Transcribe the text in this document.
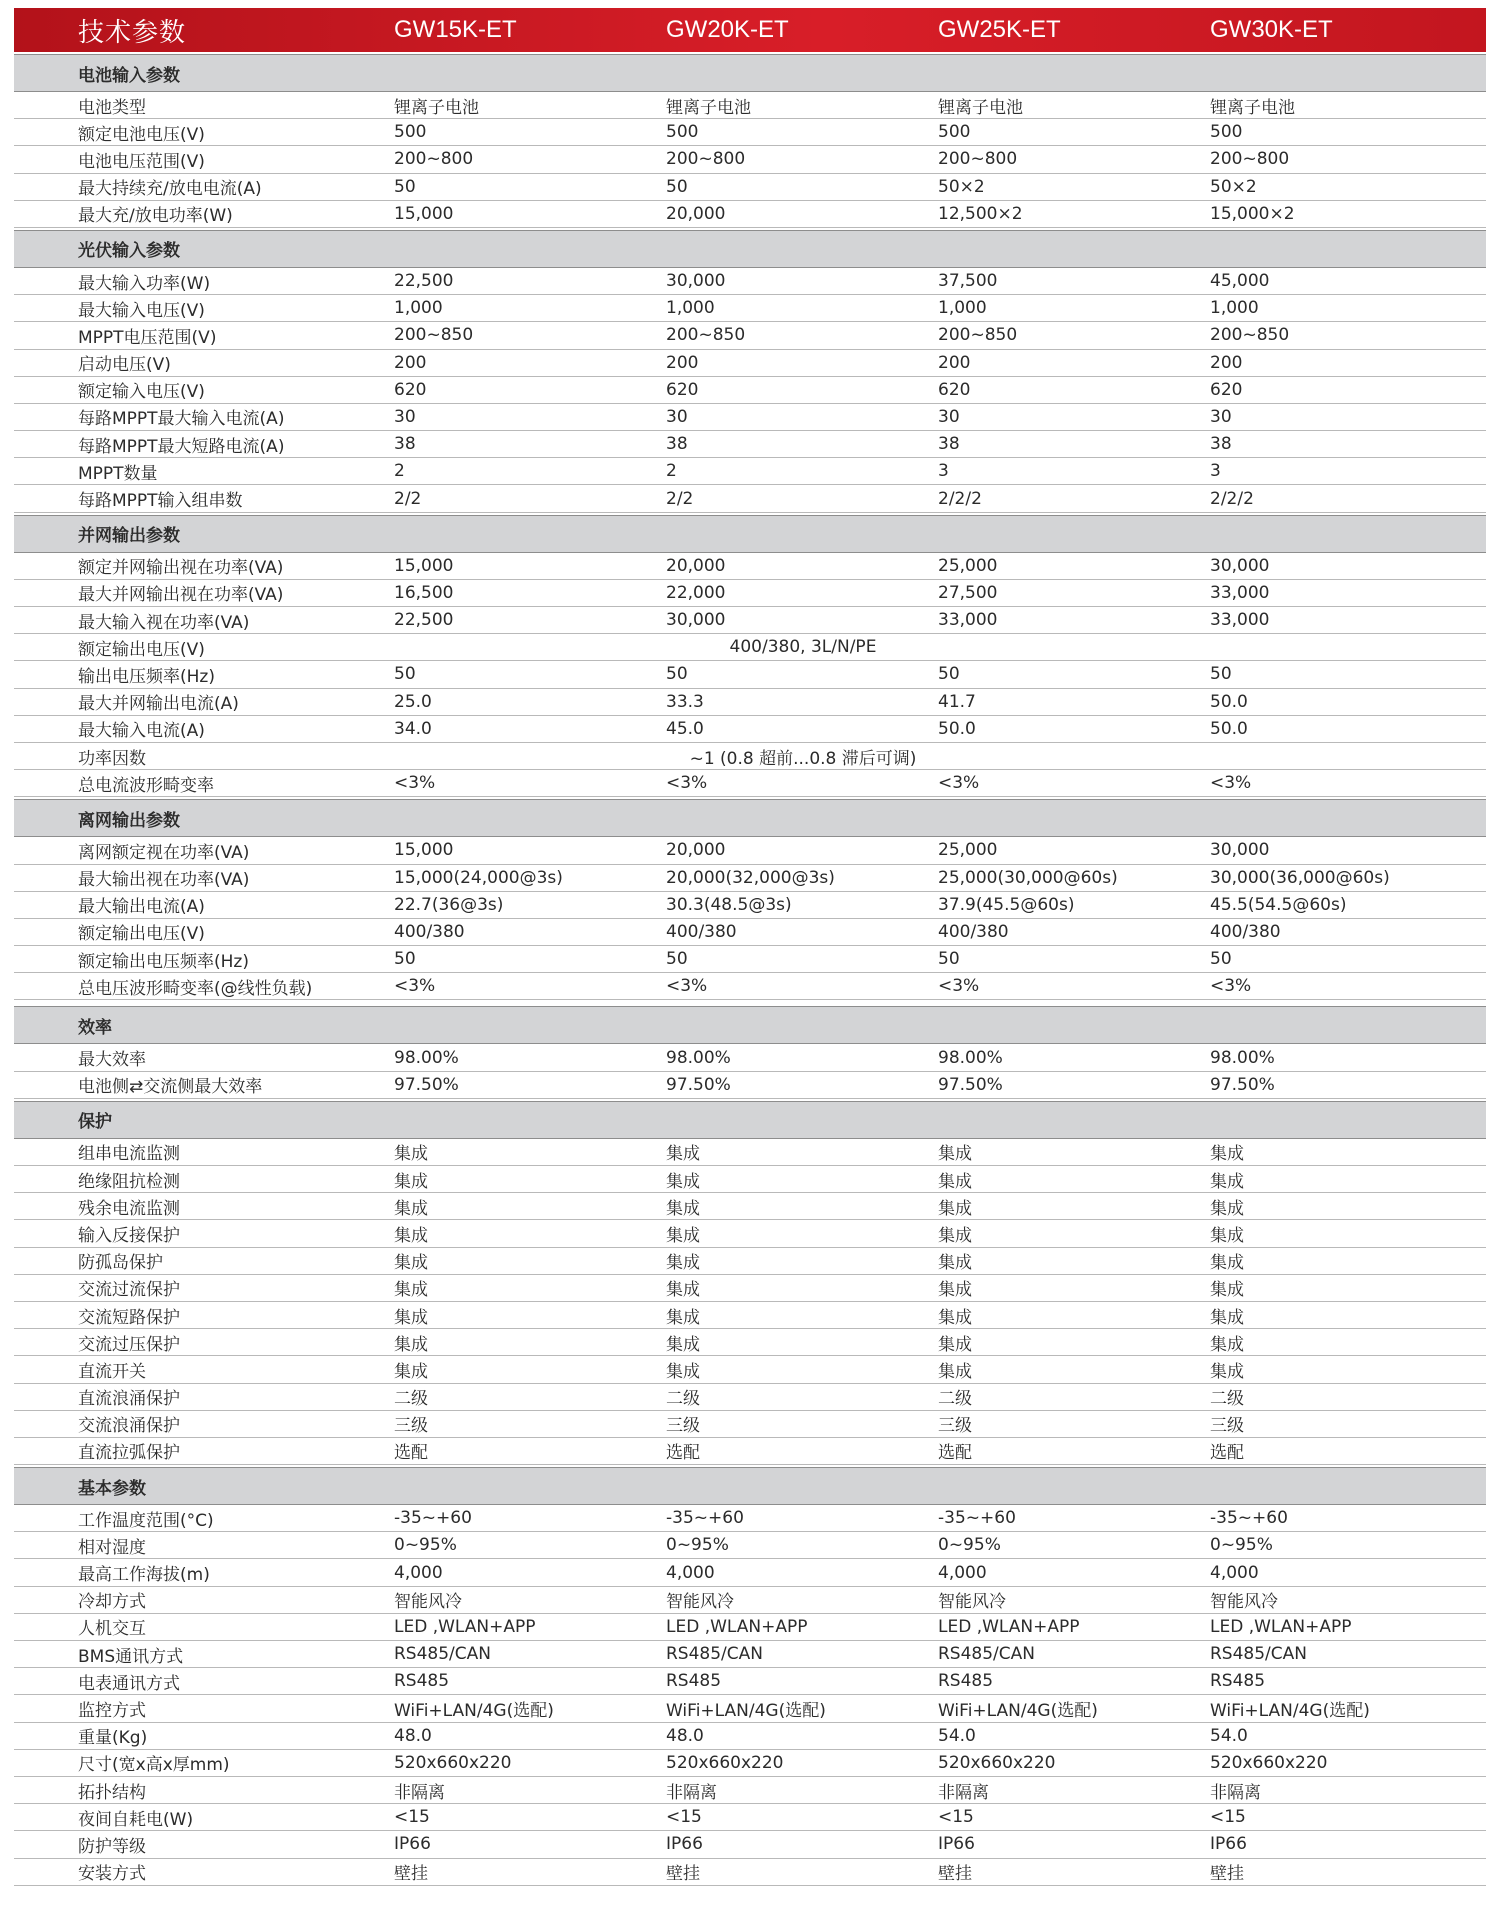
技术参数	GW15K-ET	GW20K-ET	GW25K-ET	GW30K-ET
电池输入参数
电池类型	锂离子电池	锂离子电池	锂离子电池	锂离子电池
额定电池电压(V)	500	500	500	500
电池电压范围(V)	200~800	200~800	200~800	200~800
最大持续充/放电电流(A)	50	50	50×2	50×2
最大充/放电功率(W)	15,000	20,000	12,500×2	15,000×2
光伏输入参数
最大输入功率(W)	22,500	30,000	37,500	45,000
最大输入电压(V)	1,000	1,000	1,000	1,000
MPPT电压范围(V)	200~850	200~850	200~850	200~850
启动电压(V)	200	200	200	200
额定输入电压(V)	620	620	620	620
每路MPPT最大输入电流(A)	30	30	30	30
每路MPPT最大短路电流(A)	38	38	38	38
MPPT数量	2	2	3	3
每路MPPT输入组串数	2/2	2/2	2/2/2	2/2/2
并网输出参数
额定并网输出视在功率(VA)	15,000	20,000	25,000	30,000
最大并网输出视在功率(VA)	16,500	22,000	27,500	33,000
最大输入视在功率(VA)	22,500	30,000	33,000	33,000
额定输出电压(V)	400/380, 3L/N/PE
输出电压频率(Hz)	50	50	50	50
最大并网输出电流(A)	25.0	33.3	41.7	50.0
最大输入电流(A)	34.0	45.0	50.0	50.0
功率因数	~1 (0.8 超前...0.8 滞后可调)
总电流波形畸变率	<3%	<3%	<3%	<3%
离网输出参数
离网额定视在功率(VA)	15,000	20,000	25,000	30,000
最大输出视在功率(VA)	15,000(24,000@3s)	20,000(32,000@3s)	25,000(30,000@60s)	30,000(36,000@60s)
最大输出电流(A)	22.7(36@3s)	30.3(48.5@3s)	37.9(45.5@60s)	45.5(54.5@60s)
额定输出电压(V)	400/380	400/380	400/380	400/380
额定输出电压频率(Hz)	50	50	50	50
总电压波形畸变率(@线性负载)	<3%	<3%	<3%	<3%
效率
最大效率	98.00%	98.00%	98.00%	98.00%
电池侧⇄交流侧最大效率	97.50%	97.50%	97.50%	97.50%
保护
组串电流监测	集成	集成	集成	集成
绝缘阻抗检测	集成	集成	集成	集成
残余电流监测	集成	集成	集成	集成
输入反接保护	集成	集成	集成	集成
防孤岛保护	集成	集成	集成	集成
交流过流保护	集成	集成	集成	集成
交流短路保护	集成	集成	集成	集成
交流过压保护	集成	集成	集成	集成
直流开关	集成	集成	集成	集成
直流浪涌保护	二级	二级	二级	二级
交流浪涌保护	三级	三级	三级	三级
直流拉弧保护	选配	选配	选配	选配
基本参数
工作温度范围(°C)	-35~+60	-35~+60	-35~+60	-35~+60
相对湿度	0~95%	0~95%	0~95%	0~95%
最高工作海拔(m)	4,000	4,000	4,000	4,000
冷却方式	智能风冷	智能风冷	智能风冷	智能风冷
人机交互	LED ,WLAN+APP	LED ,WLAN+APP	LED ,WLAN+APP	LED ,WLAN+APP
BMS通讯方式	RS485/CAN	RS485/CAN	RS485/CAN	RS485/CAN
电表通讯方式	RS485	RS485	RS485	RS485
监控方式	WiFi+LAN/4G(选配)	WiFi+LAN/4G(选配)	WiFi+LAN/4G(选配)	WiFi+LAN/4G(选配)
重量(Kg)	48.0	48.0	54.0	54.0
尺寸(宽x高x厚mm)	520x660x220	520x660x220	520x660x220	520x660x220
拓扑结构	非隔离	非隔离	非隔离	非隔离
夜间自耗电(W)	<15	<15	<15	<15
防护等级	IP66	IP66	IP66	IP66
安装方式	壁挂	壁挂	壁挂	壁挂
